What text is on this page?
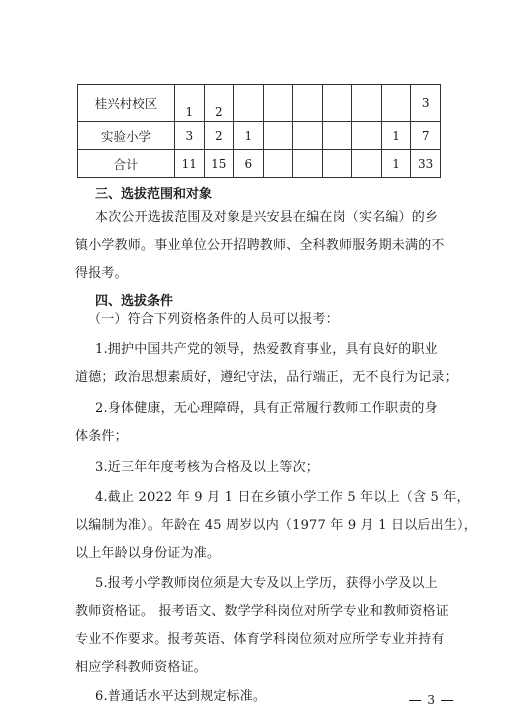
桂兴村校区	1	2							3
实验小学	3	2	1					1	7
合计	11	15	6					1	33
三、选拔范围和对象
本次公开选拔范围及对象是兴安县在编在岗（实名编）的乡
镇小学教师。事业单位公开招聘教师、全科教师服务期未满的不
得报考。
四、选拔条件
（一）符合下列资格条件的人员可以报考：
1.拥护中国共产党的领导，热爱教育事业，具有良好的职业
道德；政治思想素质好，遵纪守法，品行端正，无不良行为记录；
2.身体健康，无心理障碍，具有正常履行教师工作职责的身
体条件；
3.近三年年度考核为合格及以上等次；
4.截止 2022 年 9 月 1 日在乡镇小学工作 5 年以上（含 5 年，
以编制为准）。年龄在 45 周岁以内（1977 年 9 月 1 日以后出生），
以上年龄以身份证为准。
5.报考小学教师岗位须是大专及以上学历，获得小学及以上
教师资格证。 报考语文、数学学科岗位对所学专业和教师资格证
专业不作要求。报考英语、体育学科岗位须对应所学专业并持有
相应学科教师资格证。
6.普通话水平达到规定标准。	3
